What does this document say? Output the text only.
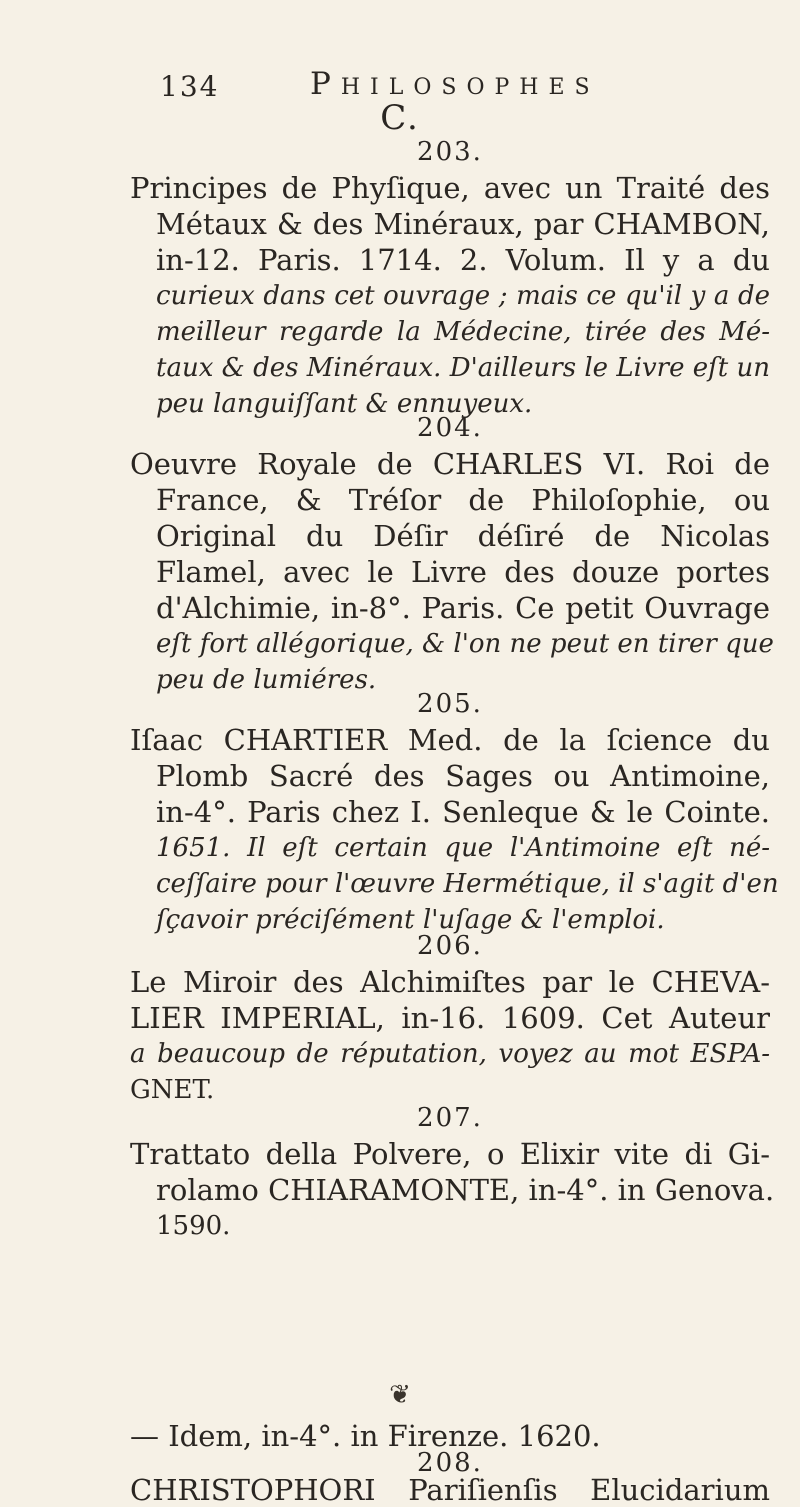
134	Philosophes
C.
203.
Principes de Phyſique, avec un Traité des
Métaux & des Minéraux, par CHAMBON,
in-12. Paris. 1714. 2. Volum. Il y a du
curieux dans cet ouvrage ; mais ce qu'il y a de
meilleur regarde la Médecine, tirée des Mé-
taux & des Minéraux. D'ailleurs le Livre eſt un
peu languiſſant & ennuyeux.
204.
Oeuvre Royale de CHARLES VI. Roi de
France, & Tréſor de Philoſophie, ou
Original du Déſir déſiré de Nicolas
Flamel, avec le Livre des douze portes
d'Alchimie, in-8°. Paris. Ce petit Ouvrage
eſt fort allégorique, & l'on ne peut en tirer que
peu de lumiéres.
205.
Iſaac CHARTIER Med. de la ſcience du
Plomb Sacré des Sages ou Antimoine,
in-4°. Paris chez I. Senleque & le Cointe.
1651. Il eſt certain que l'Antimoine eſt né-
ceſſaire pour l'œuvre Hermétique, il s'agit d'en
ſçavoir préciſément l'uſage & l'emploi.
206.
Le Miroir des Alchimiſtes par le CHEVA-
LIER IMPERIAL, in-16. 1609. Cet Auteur
a beaucoup de réputation, voyez au mot ESPA-
GNET.
207.
Trattato della Polvere, o Elixir vite di Gi-
rolamo CHIARAMONTE, in-4°. in Genova.
1590.
❦
— Idem, in-4°. in Firenze. 1620.
208.
CHRISTOPHORI Pariſienſis Elucidarium
